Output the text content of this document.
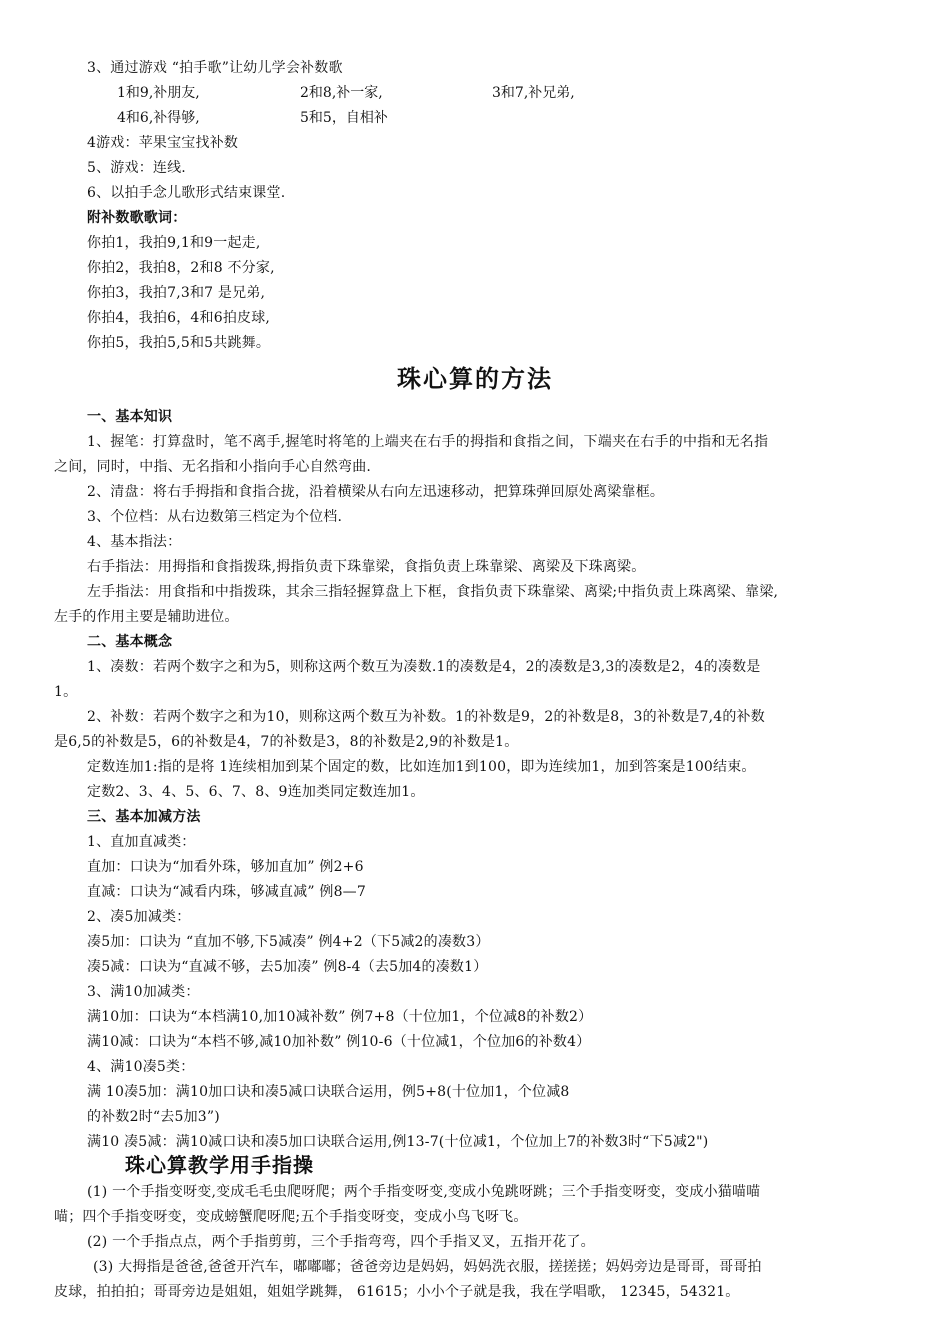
3、通过游戏 “拍手歌”让幼儿学会补数歌
1和9,补朋友,	2和8,补一家,	3和7,补兄弟,
4和6,补得够,	5和5，自相补
4游戏：苹果宝宝找补数
5、游戏：连线.
6、以拍手念儿歌形式结束课堂.
附补数歌歌词：
你拍1，我拍9,1和9一起走,
你拍2，我拍8，2和8 不分家,
你拍3，我拍7,3和7 是兄弟,
你拍4，我拍6，4和6拍皮球,
你拍5，我拍5,5和5共跳舞。
珠心算的方法
一、基本知识
1、握笔：打算盘时，笔不离手,握笔时将笔的上端夹在右手的拇指和食指之间，下端夹在右手的中指和无名指
之间，同时，中指、无名指和小指向手心自然弯曲.
2、清盘：将右手拇指和食指合拢，沿着横梁从右向左迅速移动，把算珠弹回原处离梁靠框。
3、个位档：从右边数第三档定为个位档.
4、基本指法：
右手指法：用拇指和食指拨珠,拇指负责下珠靠梁，食指负责上珠靠梁、离梁及下珠离梁。
左手指法：用食指和中指拨珠，其余三指轻握算盘上下框，食指负责下珠靠梁、离梁;中指负责上珠离梁、靠梁,
左手的作用主要是辅助进位。
二、基本概念
1、凑数：若两个数字之和为5，则称这两个数互为凑数.1的凑数是4，2的凑数是3,3的凑数是2，4的凑数是
1。
2、补数：若两个数字之和为10，则称这两个数互为补数。1的补数是9，2的补数是8，3的补数是7,4的补数
是6,5的补数是5，6的补数是4，7的补数是3，8的补数是2,9的补数是1。
定数连加1:指的是将 1连续相加到某个固定的数，比如连加1到100，即为连续加1，加到答案是100结束。
定数2、3、4、5、6、7、8、9连加类同定数连加1。
三、基本加减方法
1、直加直减类：
直加：口诀为“加看外珠，够加直加” 例2+6
直减：口诀为“减看内珠，够减直减” 例8—7
2、凑5加减类：
凑5加：口诀为 “直加不够,下5减凑” 例4+2（下5减2的凑数3）
凑5减：口诀为“直减不够，去5加凑” 例8-4（去5加4的凑数1）
3、满10加减类：
满10加：口诀为“本档满10,加10减补数” 例7+8（十位加1，个位减8的补数2）
满10减：口诀为“本档不够,减10加补数” 例10-6（十位减1，个位加6的补数4）
4、满10凑5类：
满 10凑5加：满10加口诀和凑5减口诀联合运用，例5+8(十位加1，个位减8
的补数2时“去5加3”)
满10 凑5减：满10减口诀和凑5加口诀联合运用,例13-7(十位减1，个位加上7的补数3时“下5减2")
珠心算教学用手指操
(1) 一个手指变呀变,变成毛毛虫爬呀爬；两个手指变呀变,变成小兔跳呀跳；三个手指变呀变，变成小猫喵喵
喵；四个手指变呀变，变成螃蟹爬呀爬;五个手指变呀变，变成小鸟飞呀飞。
(2) 一个手指点点，两个手指剪剪，三个手指弯弯，四个手指叉叉，五指开花了。
(3) 大拇指是爸爸,爸爸开汽车，嘟嘟嘟；爸爸旁边是妈妈，妈妈洗衣服，搓搓搓；妈妈旁边是哥哥，哥哥拍
皮球，拍拍拍；哥哥旁边是姐姐，姐姐学跳舞， 61615；小小个子就是我，我在学唱歌， 12345，54321。
